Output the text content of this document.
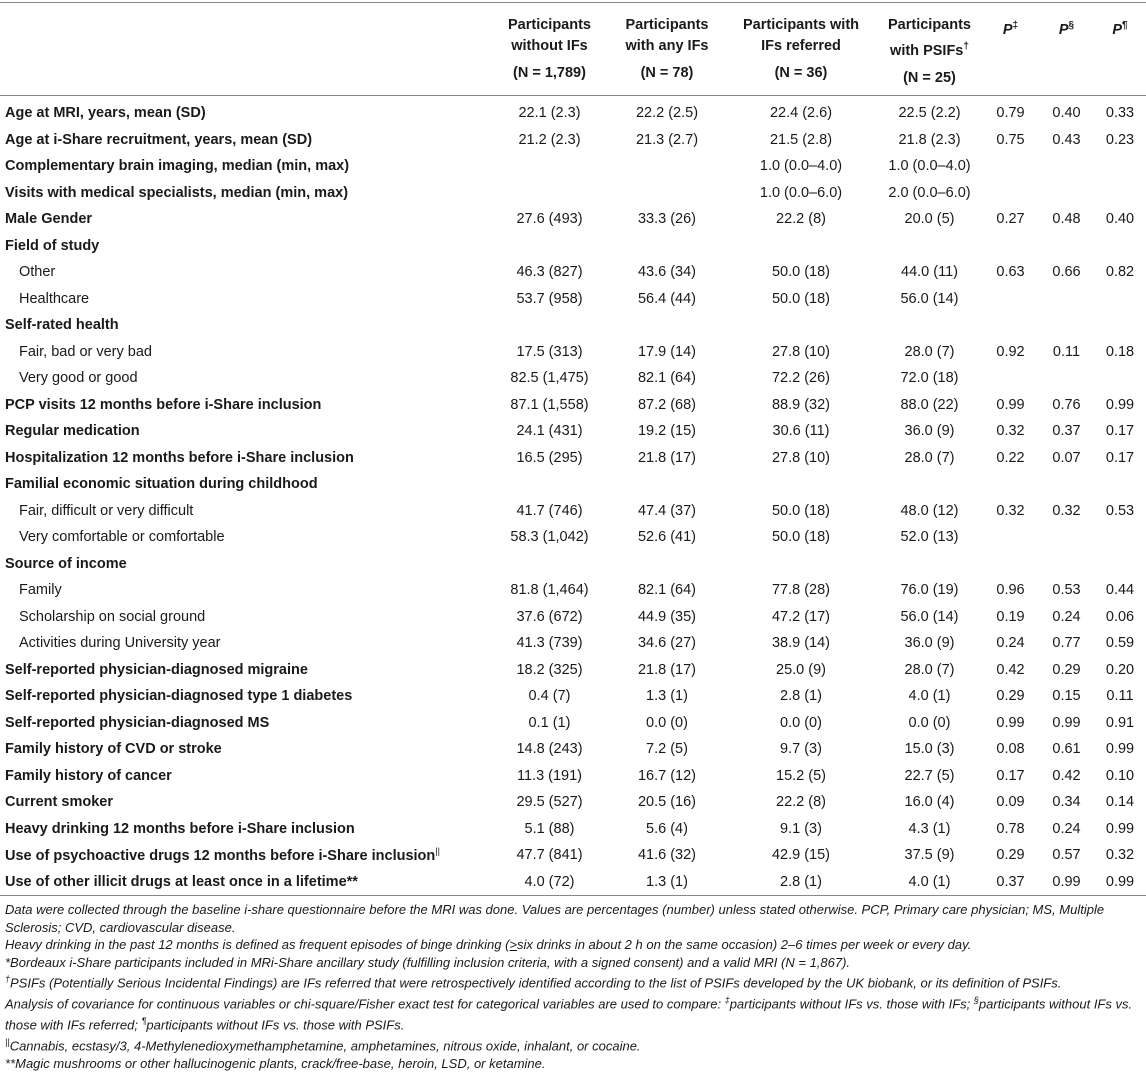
	Participants
without IFs
(N = 1,789)	Participants
with any IFs
(N = 78)	Participants with
IFs referred
(N = 36)	Participants
with PSIFs†
(N = 25)	P‡	P§	P¶
Age at MRI, years, mean (SD)	22.1 (2.3)	22.2 (2.5)	22.4 (2.6)	22.5 (2.2)	0.79	0.40	0.33
Age at i-Share recruitment, years, mean (SD)	21.2 (2.3)	21.3 (2.7)	21.5 (2.8)	21.8 (2.3)	0.75	0.43	0.23
Complementary brain imaging, median (min, max)			1.0 (0.0–4.0)	1.0 (0.0–4.0)			
Visits with medical specialists, median (min, max)			1.0 (0.0–6.0)	2.0 (0.0–6.0)			
Male Gender	27.6 (493)	33.3 (26)	22.2 (8)	20.0 (5)	0.27	0.48	0.40
Field of study							
Other	46.3 (827)	43.6 (34)	50.0 (18)	44.0 (11)	0.63	0.66	0.82
Healthcare	53.7 (958)	56.4 (44)	50.0 (18)	56.0 (14)			
Self-rated health							
Fair, bad or very bad	17.5 (313)	17.9 (14)	27.8 (10)	28.0 (7)	0.92	0.11	0.18
Very good or good	82.5 (1,475)	82.1 (64)	72.2 (26)	72.0 (18)			
PCP visits 12 months before i-Share inclusion	87.1 (1,558)	87.2 (68)	88.9 (32)	88.0 (22)	0.99	0.76	0.99
Regular medication	24.1 (431)	19.2 (15)	30.6 (11)	36.0 (9)	0.32	0.37	0.17
Hospitalization 12 months before i-Share inclusion	16.5 (295)	21.8 (17)	27.8 (10)	28.0 (7)	0.22	0.07	0.17
Familial economic situation during childhood							
Fair, difficult or very difficult	41.7 (746)	47.4 (37)	50.0 (18)	48.0 (12)	0.32	0.32	0.53
Very comfortable or comfortable	58.3 (1,042)	52.6 (41)	50.0 (18)	52.0 (13)			
Source of income							
Family	81.8 (1,464)	82.1 (64)	77.8 (28)	76.0 (19)	0.96	0.53	0.44
Scholarship on social ground	37.6 (672)	44.9 (35)	47.2 (17)	56.0 (14)	0.19	0.24	0.06
Activities during University year	41.3 (739)	34.6 (27)	38.9 (14)	36.0 (9)	0.24	0.77	0.59
Self-reported physician-diagnosed migraine	18.2 (325)	21.8 (17)	25.0 (9)	28.0 (7)	0.42	0.29	0.20
Self-reported physician-diagnosed type 1 diabetes	0.4 (7)	1.3 (1)	2.8 (1)	4.0 (1)	0.29	0.15	0.11
Self-reported physician-diagnosed MS	0.1 (1)	0.0 (0)	0.0 (0)	0.0 (0)	0.99	0.99	0.91
Family history of CVD or stroke	14.8 (243)	7.2 (5)	9.7 (3)	15.0 (3)	0.08	0.61	0.99
Family history of cancer	11.3 (191)	16.7 (12)	15.2 (5)	22.7 (5)	0.17	0.42	0.10
Current smoker	29.5 (527)	20.5 (16)	22.2 (8)	16.0 (4)	0.09	0.34	0.14
Heavy drinking 12 months before i-Share inclusion	5.1 (88)	5.6 (4)	9.1 (3)	4.3 (1)	0.78	0.24	0.99
Use of psychoactive drugs 12 months before i-Share inclusion||	47.7 (841)	41.6 (32)	42.9 (15)	37.5 (9)	0.29	0.57	0.32
Use of other illicit drugs at least once in a lifetime**	4.0 (72)	1.3 (1)	2.8 (1)	4.0 (1)	0.37	0.99	0.99

Data were collected through the baseline i-share questionnaire before the MRI was done. Values are percentages (number) unless stated otherwise. PCP, Primary care physician; MS, Multiple Sclerosis; CVD, cardiovascular disease.

Heavy drinking in the past 12 months is defined as frequent episodes of binge drinking (>six drinks in about 2 h on the same occasion) 2–6 times per week or every day.

*Bordeaux i-Share participants included in MRi-Share ancillary study (fulfilling inclusion criteria, with a signed consent) and a valid MRI (N = 1,867).

†PSIFs (Potentially Serious Incidental Findings) are IFs referred that were retrospectively identified according to the list of PSIFs developed by the UK biobank, or its definition of PSIFs.

Analysis of covariance for continuous variables or chi-square/Fisher exact test for categorical variables are used to compare: ‡participants without IFs vs. those with IFs; §participants without IFs vs. those with IFs referred; ¶participants without IFs vs. those with PSIFs.

||Cannabis, ecstasy/3, 4-Methylenedioxymethamphetamine, amphetamines, nitrous oxide, inhalant, or cocaine.

**Magic mushrooms or other hallucinogenic plants, crack/free-base, heroin, LSD, or ketamine.
